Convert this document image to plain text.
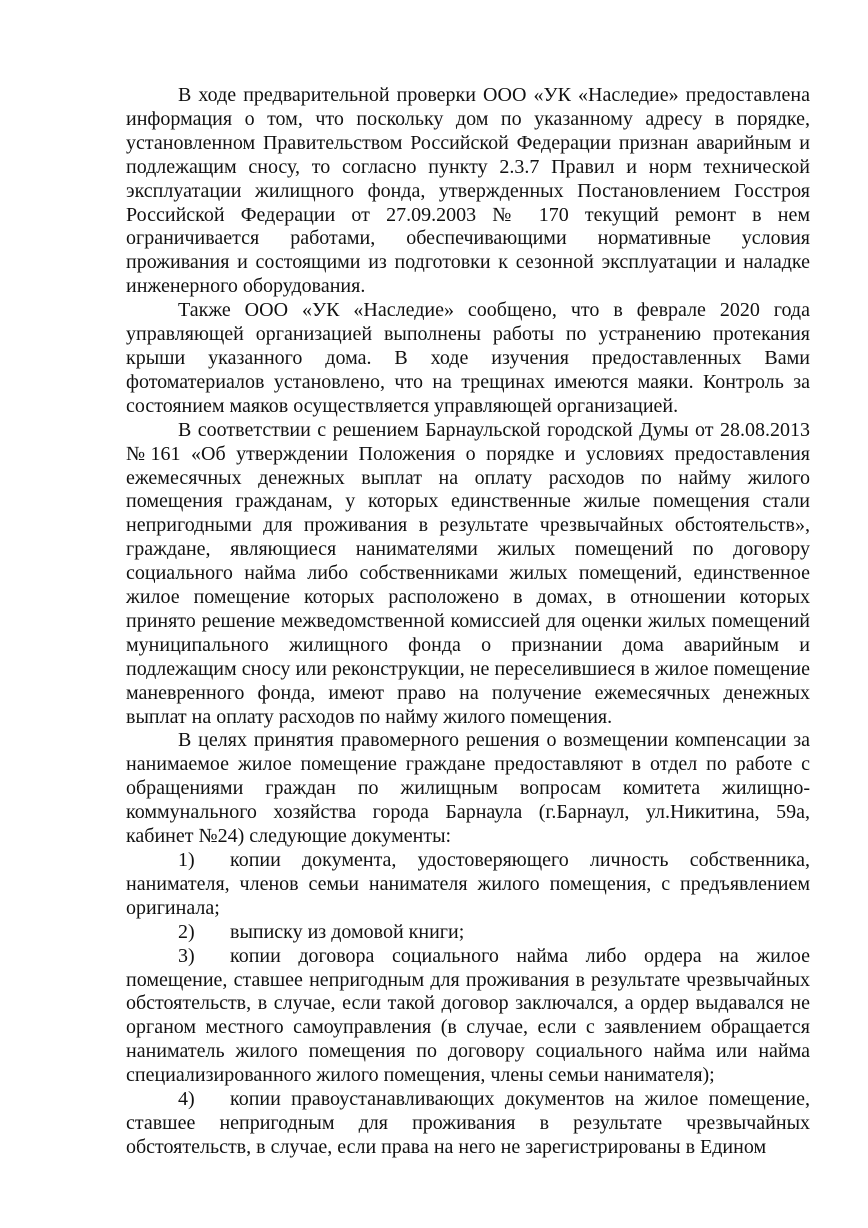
В ходе предварительной проверки ООО «УК «Наследие» предоставлена информация о том, что поскольку дом по указанному адресу в порядке, установленном Правительством Российской Федерации признан аварийным и подлежащим сносу, то согласно пункту 2.3.7 Правил и норм технической эксплуатации жилищного фонда, утвержденных Постановлением Госстроя Российской Федерации от 27.09.2003 № 170 текущий ремонт в нем ограничивается работами, обеспечивающими нормативные условия проживания и состоящими из подготовки к сезонной эксплуатации и наладке инженерного оборудования.

Также ООО «УК «Наследие» сообщено, что в феврале 2020 года управляющей организацией выполнены работы по устранению протекания крыши указанного дома. В ходе изучения предоставленных Вами фотоматериалов установлено, что на трещинах имеются маяки. Контроль за состоянием маяков осуществляется управляющей организацией.

В соответствии с решением Барнаульской городской Думы от 28.08.2013 №161 «Об утверждении Положения о порядке и условиях предоставления ежемесячных денежных выплат на оплату расходов по найму жилого помещения гражданам, у которых единственные жилые помещения стали непригодными для проживания в результате чрезвычайных обстоятельств», граждане, являющиеся нанимателями жилых помещений по договору социального найма либо собственниками жилых помещений, единственное жилое помещение которых расположено в домах, в отношении которых принято решение межведомственной комиссией для оценки жилых помещений муниципального жилищного фонда о признании дома аварийным и подлежащим сносу или реконструкции, не переселившиеся в жилое помещение маневренного фонда, имеют право на получение ежемесячных денежных выплат на оплату расходов по найму жилого помещения.

В целях принятия правомерного решения о возмещении компенсации за нанимаемое жилое помещение граждане предоставляют в отдел по работе с обращениями граждан по жилищным вопросам комитета жилищно-коммунального хозяйства города Барнаула (г.Барнаул, ул.Никитина, 59а, кабинет №24) следующие документы:

1) копии документа, удостоверяющего личность собственника, нанимателя, членов семьи нанимателя жилого помещения, с предъявлением оригинала;

2) выписку из домовой книги;

3) копии договора социального найма либо ордера на жилое помещение, ставшее непригодным для проживания в результате чрезвычайных обстоятельств, в случае, если такой договор заключался, а ордер выдавался не органом местного самоуправления (в случае, если с заявлением обращается наниматель жилого помещения по договору социального найма или найма специализированного жилого помещения, члены семьи нанимателя);

4) копии правоустанавливающих документов на жилое помещение, ставшее непригодным для проживания в результате чрезвычайных обстоятельств, в случае, если права на него не зарегистрированы в Едином
